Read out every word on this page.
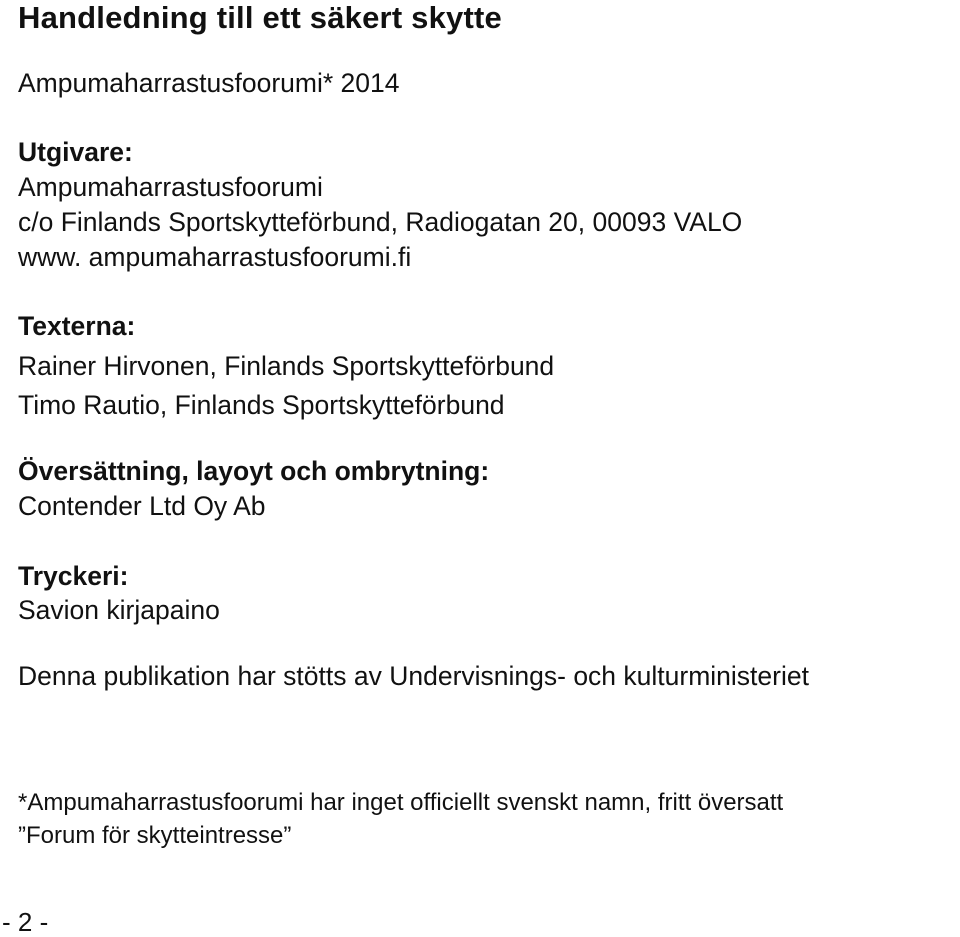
Handledning till ett säkert skytte

Ampumaharrastusfoorumi* 2014

Utgivare:

Ampumaharrastusfoorumi

c/o Finlands Sportskytteförbund, Radiogatan 20, 00093 VALO

www. ampumaharrastusfoorumi.fi

Texterna:

Rainer Hirvonen, Finlands Sportskytteförbund

Timo Rautio, Finlands Sportskytteförbund

Översättning, layoyt och ombrytning:

Contender Ltd Oy Ab

Tryckeri:

Savion kirjapaino

Denna publikation har stötts av Undervisnings- och kulturministeriet

*Ampumaharrastusfoorumi har inget officiellt svenskt namn, fritt översatt

”Forum för skytteintresse”

- 2 -
